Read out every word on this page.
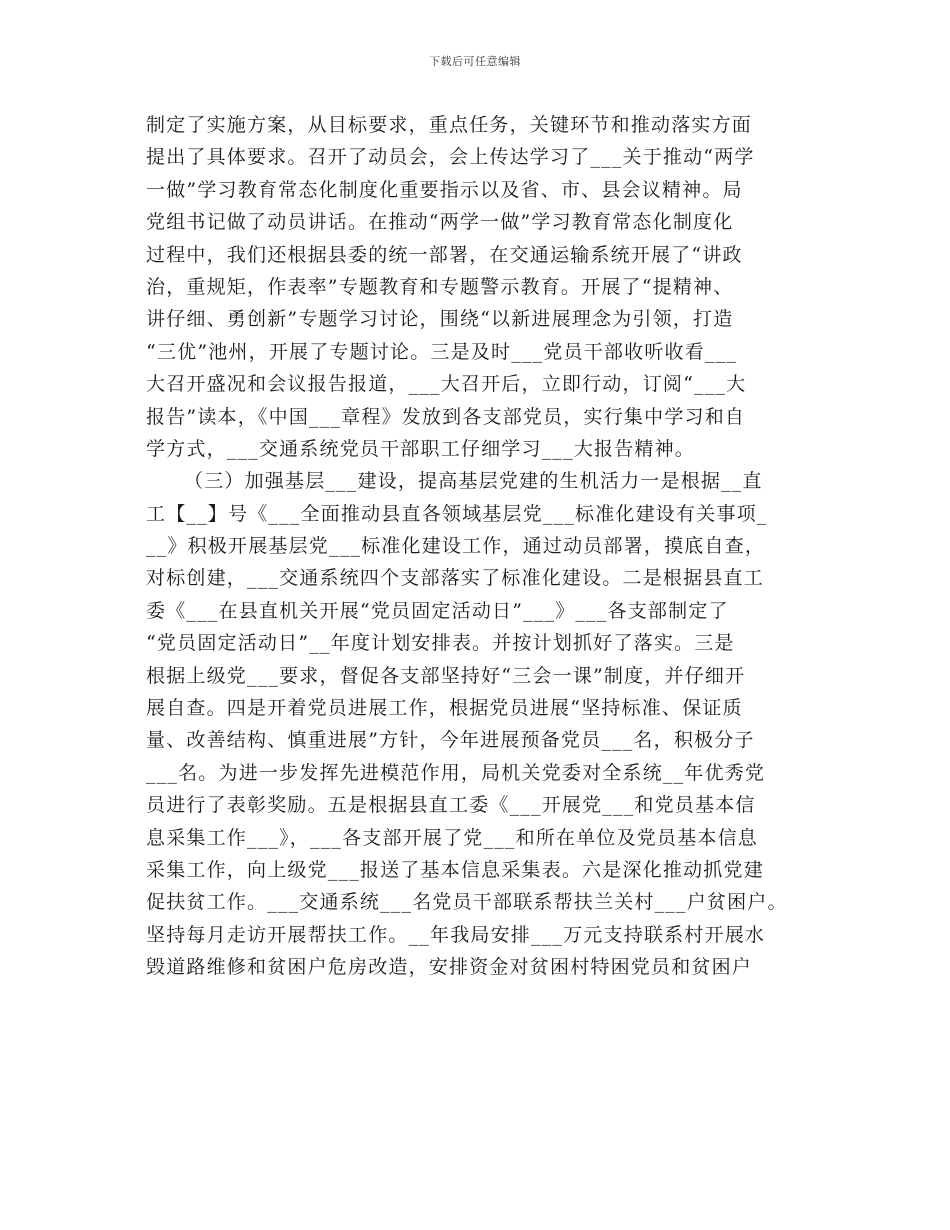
下载后可任意编辑
制定了实施方案，从目标要求，重点任务，关键环节和推动落实方面
提出了具体要求。召开了动员会，会上传达学习了___关于推动“两学
一做”学习教育常态化制度化重要指示以及省、市、县会议精神。局
党组书记做了动员讲话。在推动“两学一做”学习教育常态化制度化
过程中，我们还根据县委的统一部署，在交通运输系统开展了“讲政
治，重规矩，作表率”专题教育和专题警示教育。开展了“提精神、
讲仔细、勇创新”专题学习讨论，围绕“以新进展理念为引领，打造
“三优”池州，开展了专题讨论。三是及时___党员干部收听收看___
大召开盛况和会议报告报道，___大召开后，立即行动，订阅“___大
报告”读本，《中国___章程》发放到各支部党员，实行集中学习和自
学方式，___交通系统党员干部职工仔细学习___大报告精神。
（三）加强基层___建设，提高基层党建的生机活力一是根据__直
工【__】号《___全面推动县直各领域基层党___标准化建设有关事项_
__》积极开展基层党___标准化建设工作，通过动员部署，摸底自查，
对标创建，___交通系统四个支部落实了标准化建设。二是根据县直工
委《___在县直机关开展“党员固定活动日”___》___各支部制定了
“党员固定活动日”__年度计划安排表。并按计划抓好了落实。三是
根据上级党___要求，督促各支部坚持好“三会一课”制度，并仔细开
展自查。四是开着党员进展工作，根据党员进展“坚持标准、保证质
量、改善结构、慎重进展”方针，今年进展预备党员___名，积极分子
___名。为进一步发挥先进模范作用，局机关党委对全系统__年优秀党
员进行了表彰奖励。五是根据县直工委《___开展党___和党员基本信
息采集工作___》，___各支部开展了党___和所在单位及党员基本信息
采集工作，向上级党___报送了基本信息采集表。六是深化推动抓党建
促扶贫工作。___交通系统___名党员干部联系帮扶兰关村___户贫困户。
坚持每月走访开展帮扶工作。__年我局安排___万元支持联系村开展水
毁道路维修和贫困户危房改造，安排资金对贫困村特困党员和贫困户
